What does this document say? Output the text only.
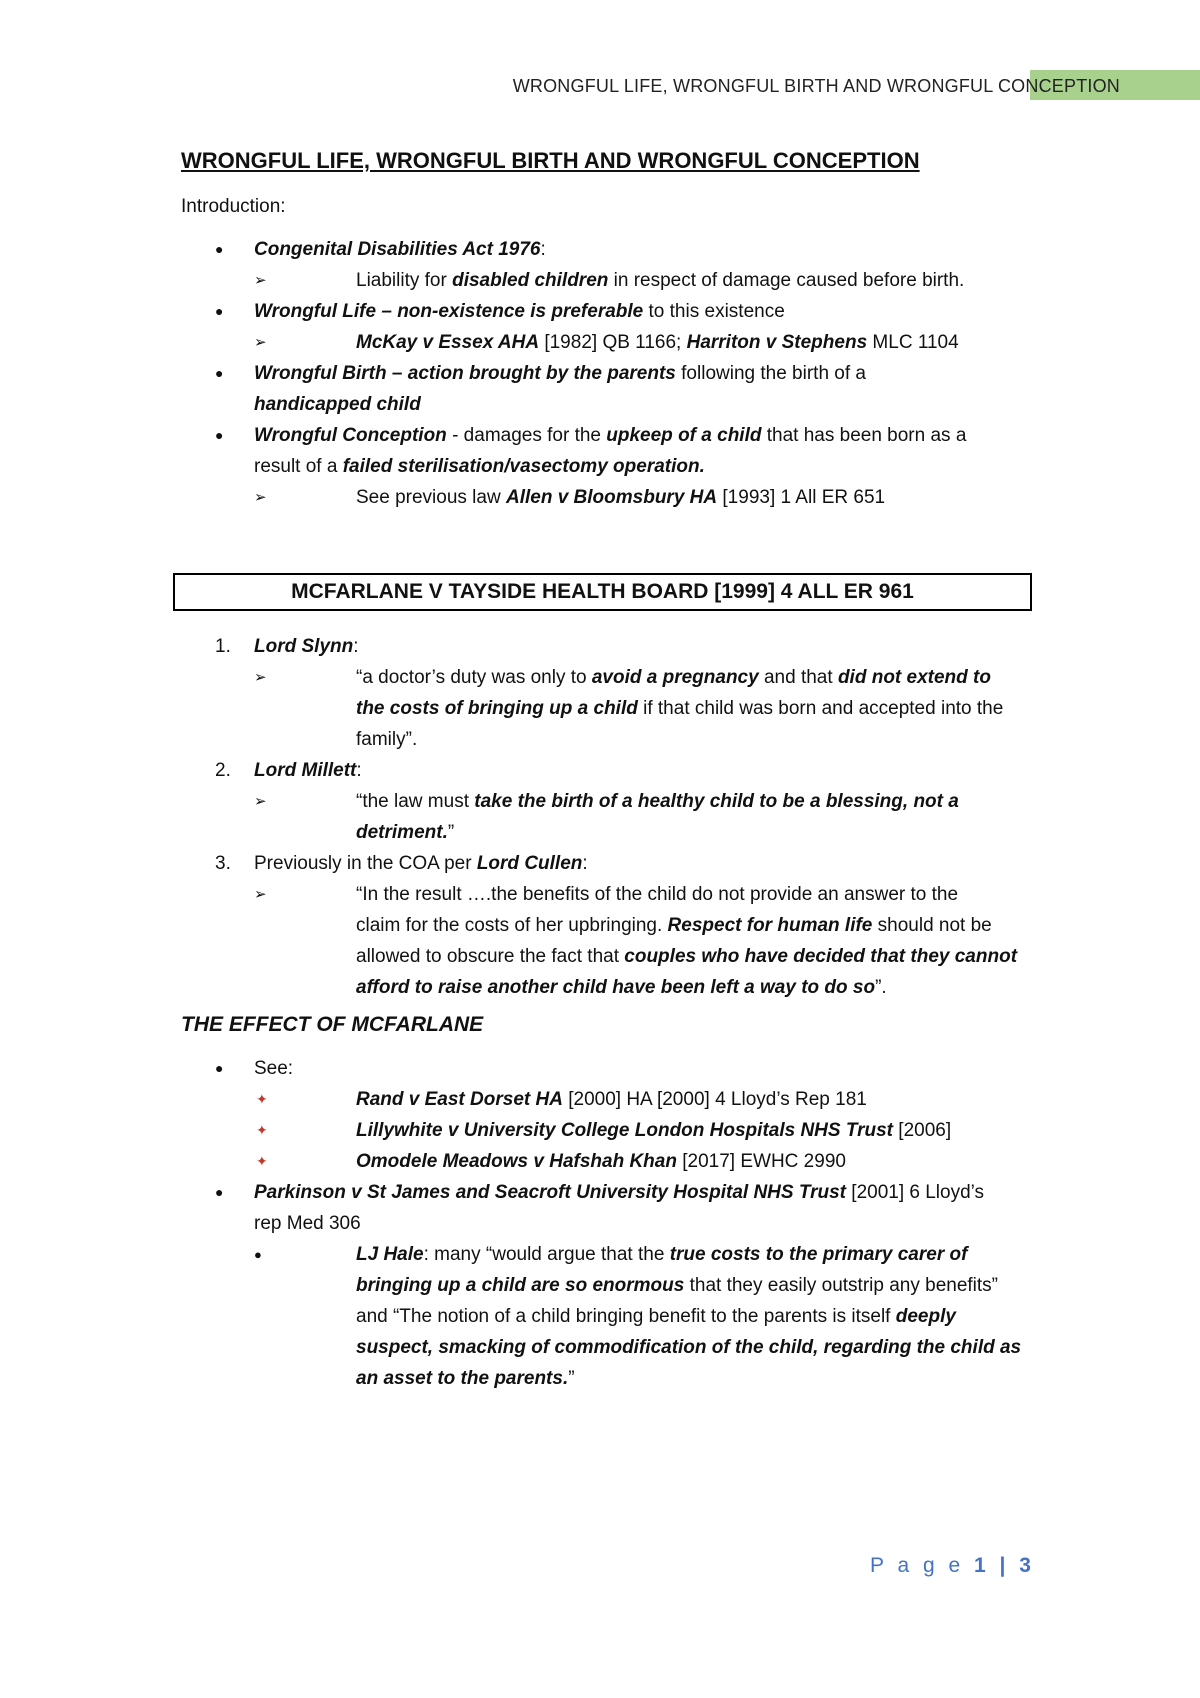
WRONGFUL LIFE, WRONGFUL BIRTH AND WRONGFUL CONCEPTION
WRONGFUL LIFE, WRONGFUL BIRTH AND WRONGFUL CONCEPTION
Introduction:
● Congenital Disabilities Act 1976:
➢	Liability for disabled children in respect of damage caused before birth.
● Wrongful Life – non-existence is preferable to this existence
➢	McKay v Essex AHA [1982] QB 1166; Harriton v Stephens MLC 1104
● Wrongful Birth – action brought by the parents following the birth of a
handicapped child
● Wrongful Conception - damages for the upkeep of a child that has been born as a
result of a failed sterilisation/vasectomy operation.
➢	See previous law Allen v Bloomsbury HA [1993] 1 All ER 651
MCFARLANE V TAYSIDE HEALTH BOARD [1999] 4 ALL ER 961
1. Lord Slynn:
➢	“a doctor’s duty was only to avoid a pregnancy and that did not extend to
the costs of bringing up a child if that child was born and accepted into the
family”.
2. Lord Millett:
➢	“the law must take the birth of a healthy child to be a blessing, not a
detriment.”
3. Previously in the COA per Lord Cullen:
➢	“In the result ….the benefits of the child do not provide an answer to the
claim for the costs of her upbringing. Respect for human life should not be
allowed to obscure the fact that couples who have decided that they cannot
afford to raise another child have been left a way to do so”.
THE EFFECT OF MCFARLANE
● See:
✦	Rand v East Dorset HA [2000] HA [2000] 4 Lloyd’s Rep 181
✦	Lillywhite v University College London Hospitals NHS Trust [2006]
✦	Omodele Meadows v Hafshah Khan [2017] EWHC 2990
● Parkinson v St James and Seacroft University Hospital NHS Trust [2001] 6 Lloyd’s
rep Med 306
●	LJ Hale: many “would argue that the true costs to the primary carer of
bringing up a child are so enormous that they easily outstrip any benefits”
and “The notion of a child bringing benefit to the parents is itself deeply
suspect, smacking of commodification of the child, regarding the child as
an asset to the parents.”
P a g e 1 | 3
